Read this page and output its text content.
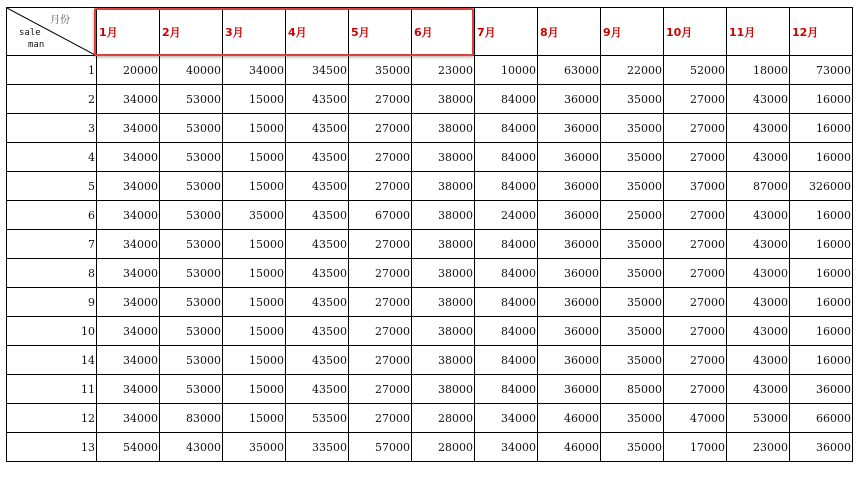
月份
sale
man	1月	2月	3月	4月	5月	6月	7月	8月	9月	10月	11月	12月
1	20000	40000	34000	34500	35000	23000	10000	63000	22000	52000	18000	73000
2	34000	53000	15000	43500	27000	38000	84000	36000	35000	27000	43000	16000
3	34000	53000	15000	43500	27000	38000	84000	36000	35000	27000	43000	16000
4	34000	53000	15000	43500	27000	38000	84000	36000	35000	27000	43000	16000
5	34000	53000	15000	43500	27000	38000	84000	36000	35000	37000	87000	326000
6	34000	53000	35000	43500	67000	38000	24000	36000	25000	27000	43000	16000
7	34000	53000	15000	43500	27000	38000	84000	36000	35000	27000	43000	16000
8	34000	53000	15000	43500	27000	38000	84000	36000	35000	27000	43000	16000
9	34000	53000	15000	43500	27000	38000	84000	36000	35000	27000	43000	16000
10	34000	53000	15000	43500	27000	38000	84000	36000	35000	27000	43000	16000
14	34000	53000	15000	43500	27000	38000	84000	36000	35000	27000	43000	16000
11	34000	53000	15000	43500	27000	38000	84000	36000	85000	27000	43000	36000
12	34000	83000	15000	53500	27000	28000	34000	46000	35000	47000	53000	66000
13	54000	43000	35000	33500	57000	28000	34000	46000	35000	17000	23000	36000
